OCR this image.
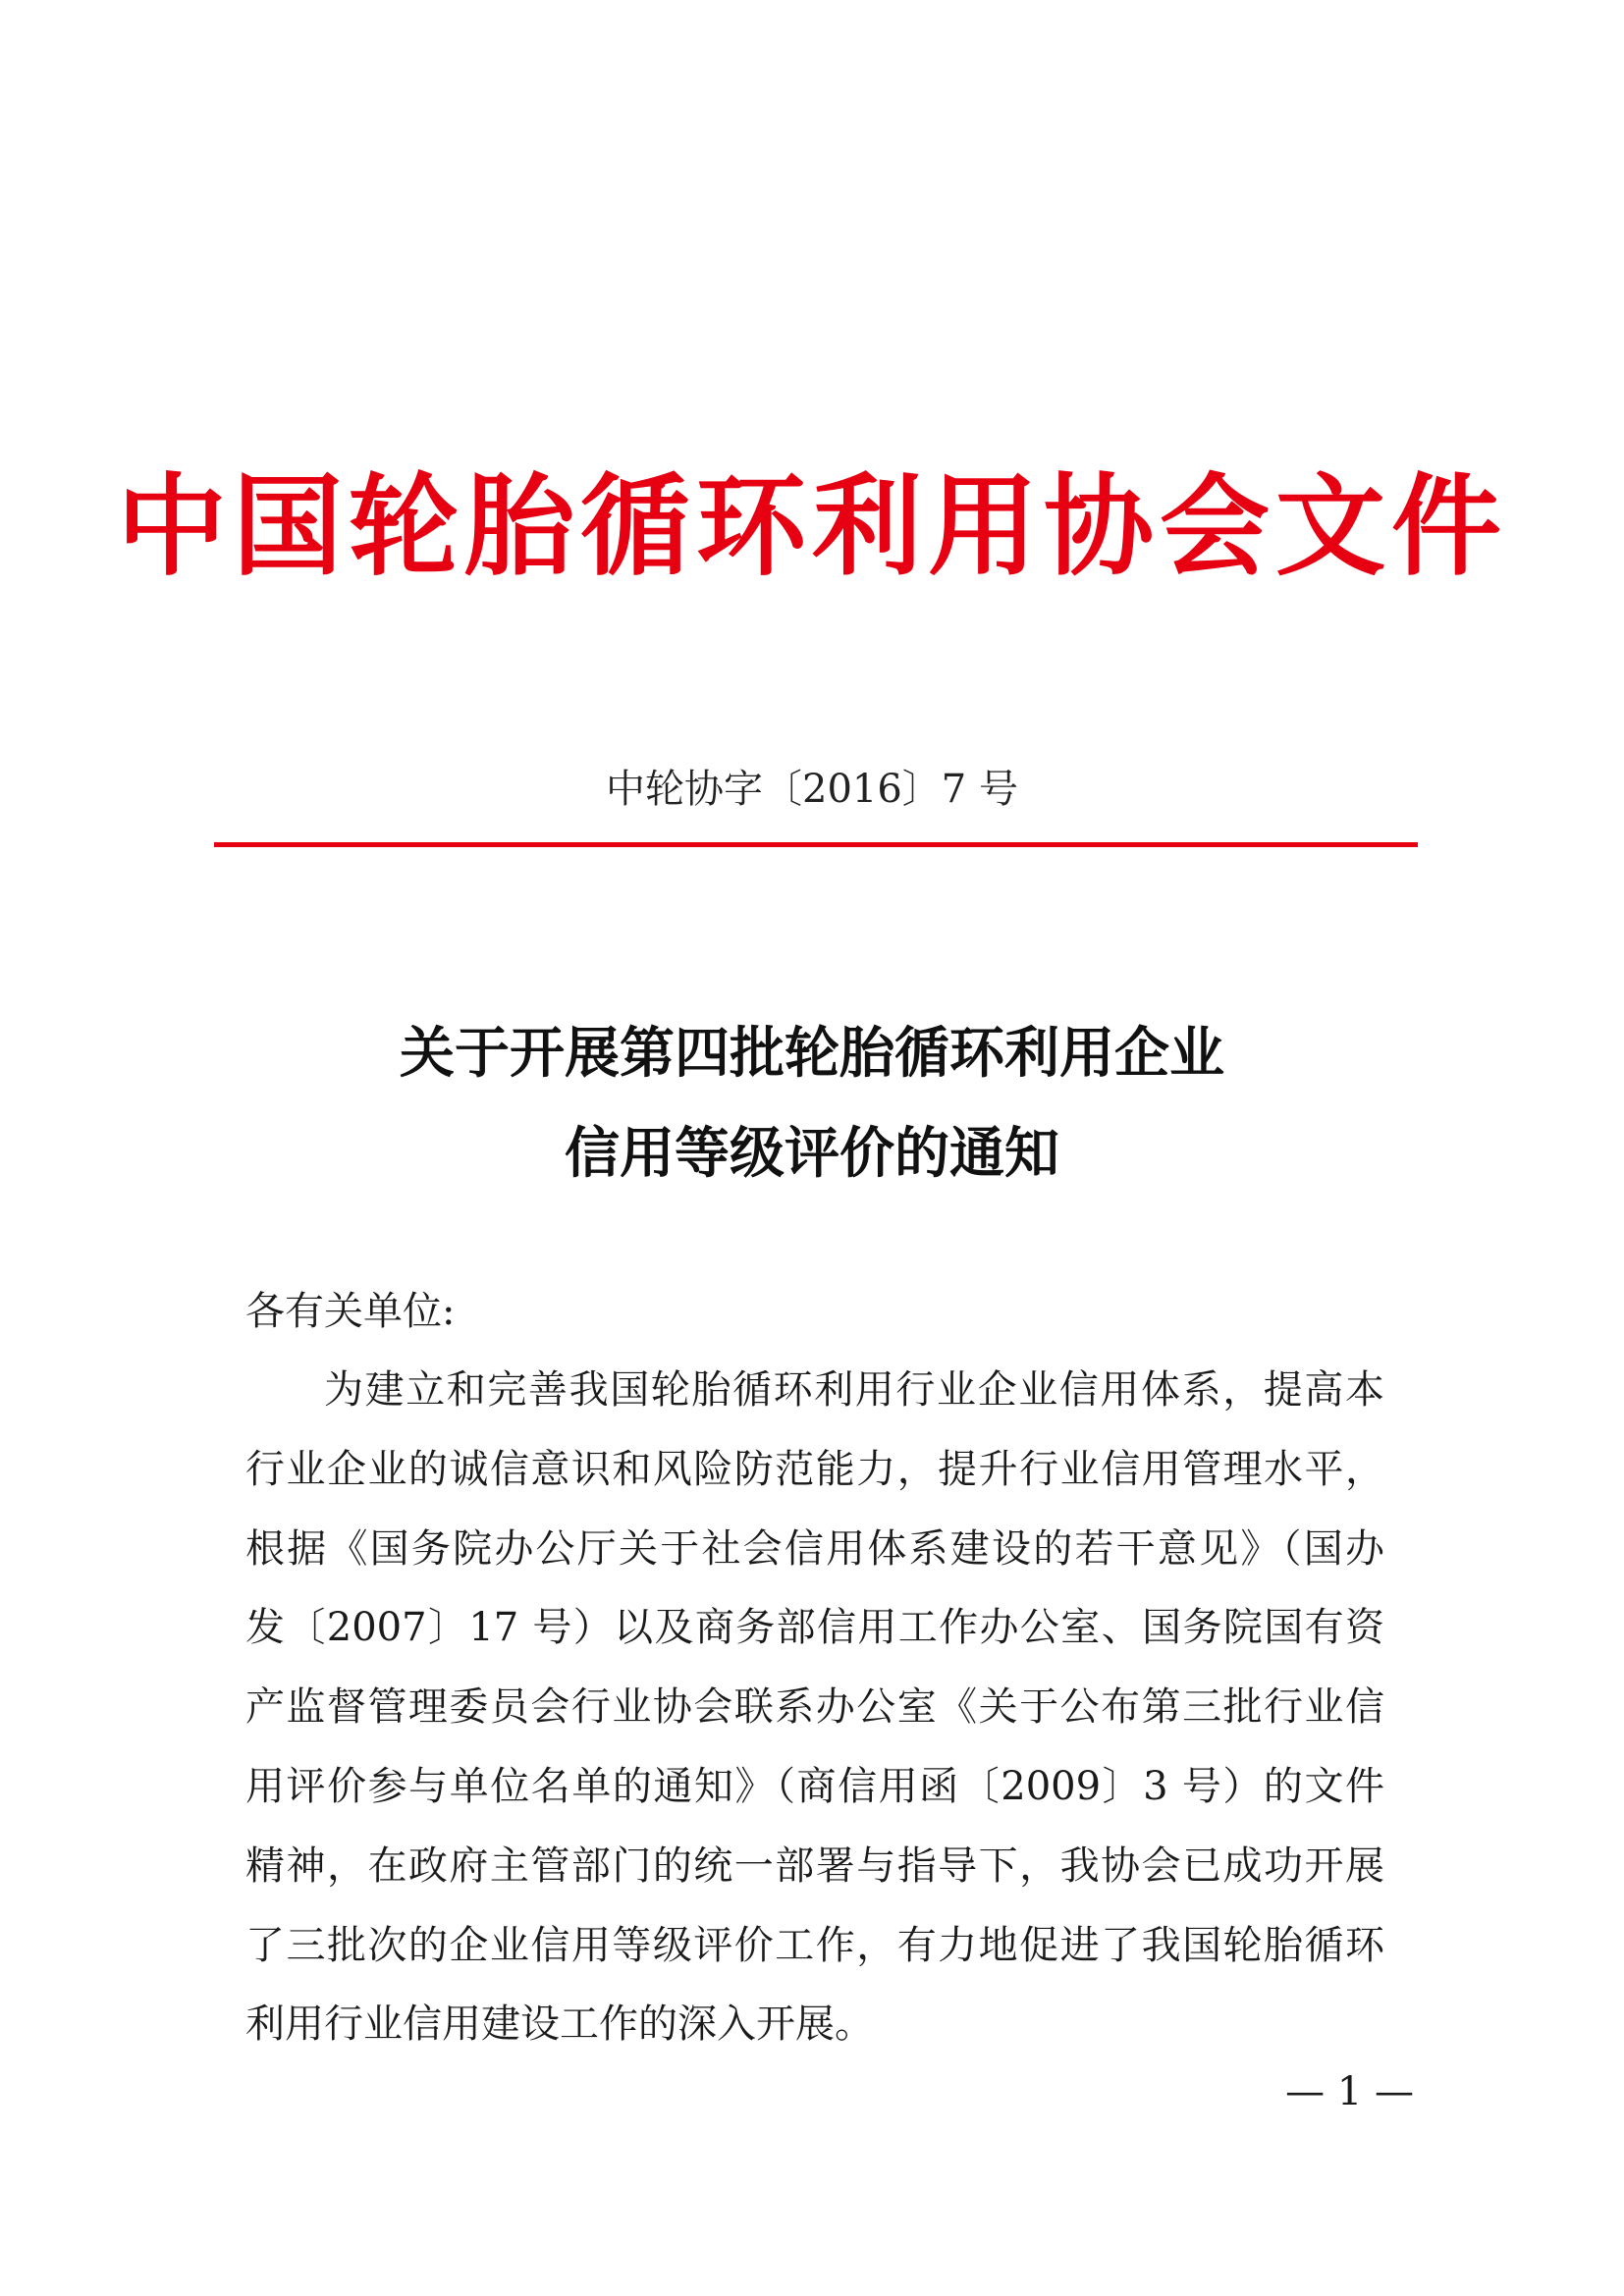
中国轮胎循环利用协会文件
中轮协字〔2016〕7 号
关于开展第四批轮胎循环利用企业
信用等级评价的通知
各有关单位:
为建立和完善我国轮胎循环利用行业企业信用体系，提高本
行业企业的诚信意识和风险防范能力，提升行业信用管理水平，
根据《国务院办公厅关于社会信用体系建设的若干意见》（国办
发〔2007〕17 号）以及商务部信用工作办公室、国务院国有资
产监督管理委员会行业协会联系办公室《关于公布第三批行业信
用评价参与单位名单的通知》（商信用函〔2009〕3 号）的文件
精神，在政府主管部门的统一部署与指导下，我协会已成功开展
了三批次的企业信用等级评价工作，有力地促进了我国轮胎循环
利用行业信用建设工作的深入开展。
— 1 —
